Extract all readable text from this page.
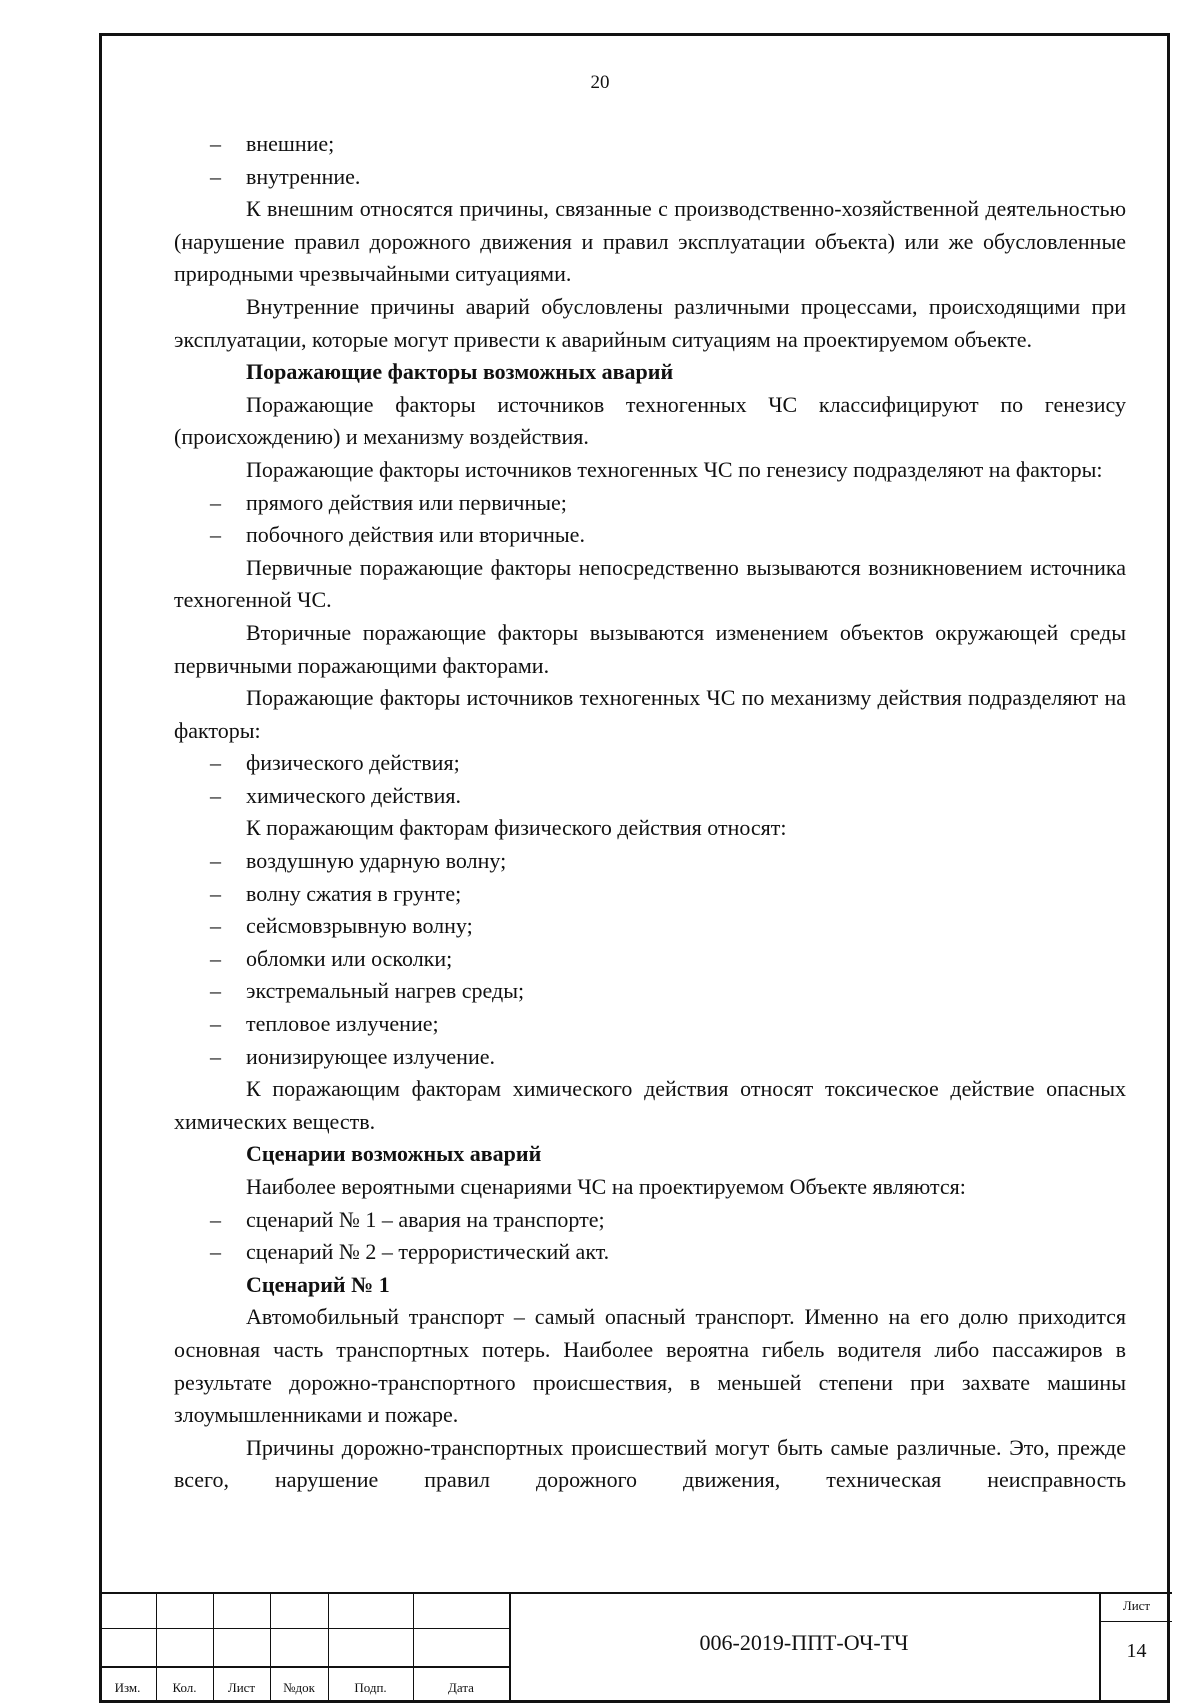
20

– внешние;

– внутренние.

К внешним относятся причины, связанные с производственно-хозяйственной деятельностью (нарушение правил дорожного движения и правил эксплуатации объекта) или же обусловленные природными чрезвычайными ситуациями.

Внутренние причины аварий обусловлены различными процессами, происходящими при эксплуатации, которые могут привести к аварийным ситуациям на проектируемом объекте.

Поражающие факторы возможных аварий

Поражающие факторы источников техногенных ЧС классифицируют по генезису (происхождению) и механизму воздействия.

Поражающие факторы источников техногенных ЧС по генезису подразделяют на факторы:

– прямого действия или первичные;

– побочного действия или вторичные.

Первичные поражающие факторы непосредственно вызываются возникновением источника техногенной ЧС.

Вторичные поражающие факторы вызываются изменением объектов окружающей среды первичными поражающими факторами.

Поражающие факторы источников техногенных ЧС по механизму действия подразделяют на факторы:

– физического действия;

– химического действия.

К поражающим факторам физического действия относят:

– воздушную ударную волну;

– волну сжатия в грунте;

– сейсмовзрывную волну;

– обломки или осколки;

– экстремальный нагрев среды;

– тепловое излучение;

– ионизирующее излучение.

К поражающим факторам химического действия относят токсическое действие опасных химических веществ.

Сценарии возможных аварий

Наиболее вероятными сценариями ЧС на проектируемом Объекте являются:

– сценарий № 1 – авария на транспорте;

– сценарий № 2 – террористический акт.

Сценарий № 1

Автомобильный транспорт – самый опасный транспорт. Именно на его долю приходится основная часть транспортных потерь. Наиболее вероятна гибель водителя либо пассажиров в результате дорожно-транспортного происшествия, в меньшей степени при захвате машины злоумышленниками и пожаре.

Причины дорожно-транспортных происшествий могут быть самые различные. Это, прежде всего, нарушение правил дорожного движения, техническая неисправность

Изм.	Кол.	Лист	№док	Подп.	Дата
006-2019-ППТ-ОЧ-ТЧ
Лист
14
